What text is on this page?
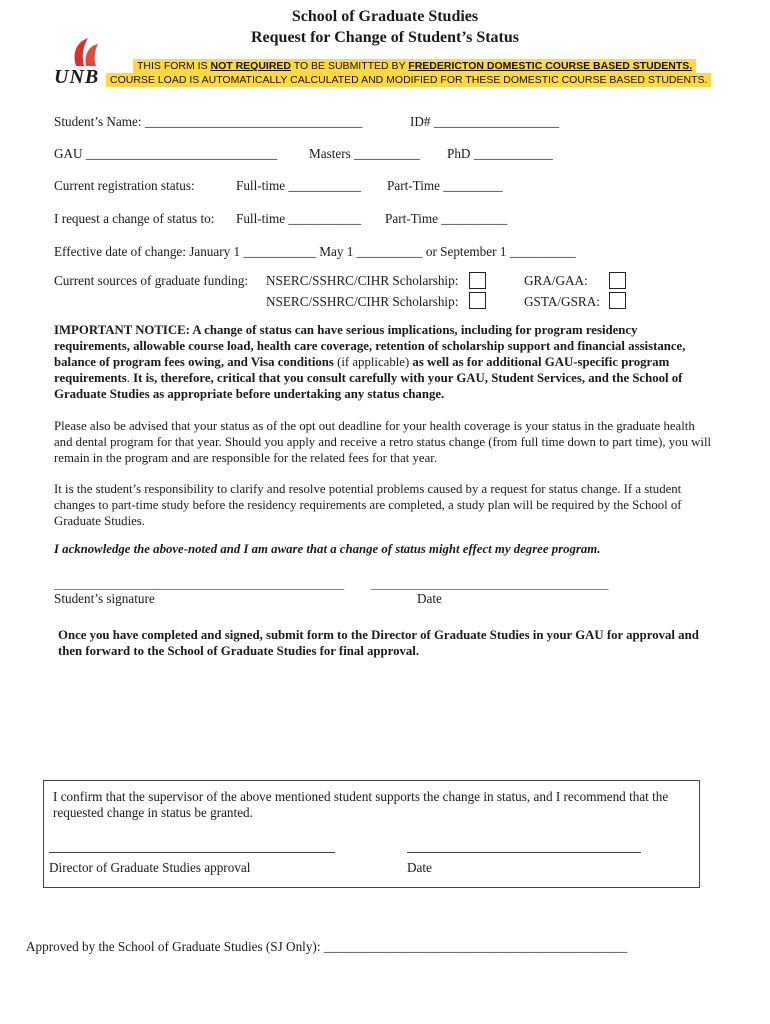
School of Graduate Studies
Request for Change of Student’s Status
UNB	THIS FORM IS NOT REQUIRED TO BE SUBMITTED BY FREDERICTON DOMESTIC COURSE BASED STUDENTS.
COURSE LOAD IS AUTOMATICALLY CALCULATED AND MODIFIED FOR THESE DOMESTIC COURSE BASED STUDENTS.
Student’s Name: _________________________________	ID# ___________________
GAU _____________________________ Masters __________ PhD ____________
Current registration status:	Full-time ___________ Part-Time _________
I request a change of status to: Full-time ___________ Part-Time __________
Effective date of change: January 1 ___________ May 1 __________ or September 1 __________
Current sources of graduate funding: NSERC/SSHRC/CIHR Scholarship:	GRA/GAA:
NSERC/SSHRC/CIHR Scholarship:	GSTA/GSRA:
IMPORTANT NOTICE: A change of status can have serious implications, including for program residency requirements, allowable course load, health care coverage, retention of scholarship support and financial assistance, balance of program fees owing, and Visa conditions (if applicable) as well as for additional GAU-specific program requirements. It is, therefore, critical that you consult carefully with your GAU, Student Services, and the School of Graduate Studies as appropriate before undertaking any status change.
Please also be advised that your status as of the opt out deadline for your health coverage is your status in the graduate health and dental program for that year. Should you apply and receive a retro status change (from full time down to part time), you will remain in the program and are responsible for the related fees for that year.
It is the student’s responsibility to clarify and resolve potential problems caused by a request for status change. If a student changes to part-time study before the residency requirements are completed, a study plan will be required by the School of Graduate Studies.
I acknowledge the above-noted and I am aware that a change of status might effect my degree program.
____________________________________________ ____________________________________
Student’s signature	Date
Once you have completed and signed, submit form to the Director of Graduate Studies in your GAU for approval and then forward to the School of Graduate Studies for final approval.
I confirm that the supervisor of the above mentioned student supports the change in status, and I recommend that the requested change in status be granted.
Director of Graduate Studies approval	Date
Approved by the School of Graduate Studies (SJ Only): ______________________________________________
